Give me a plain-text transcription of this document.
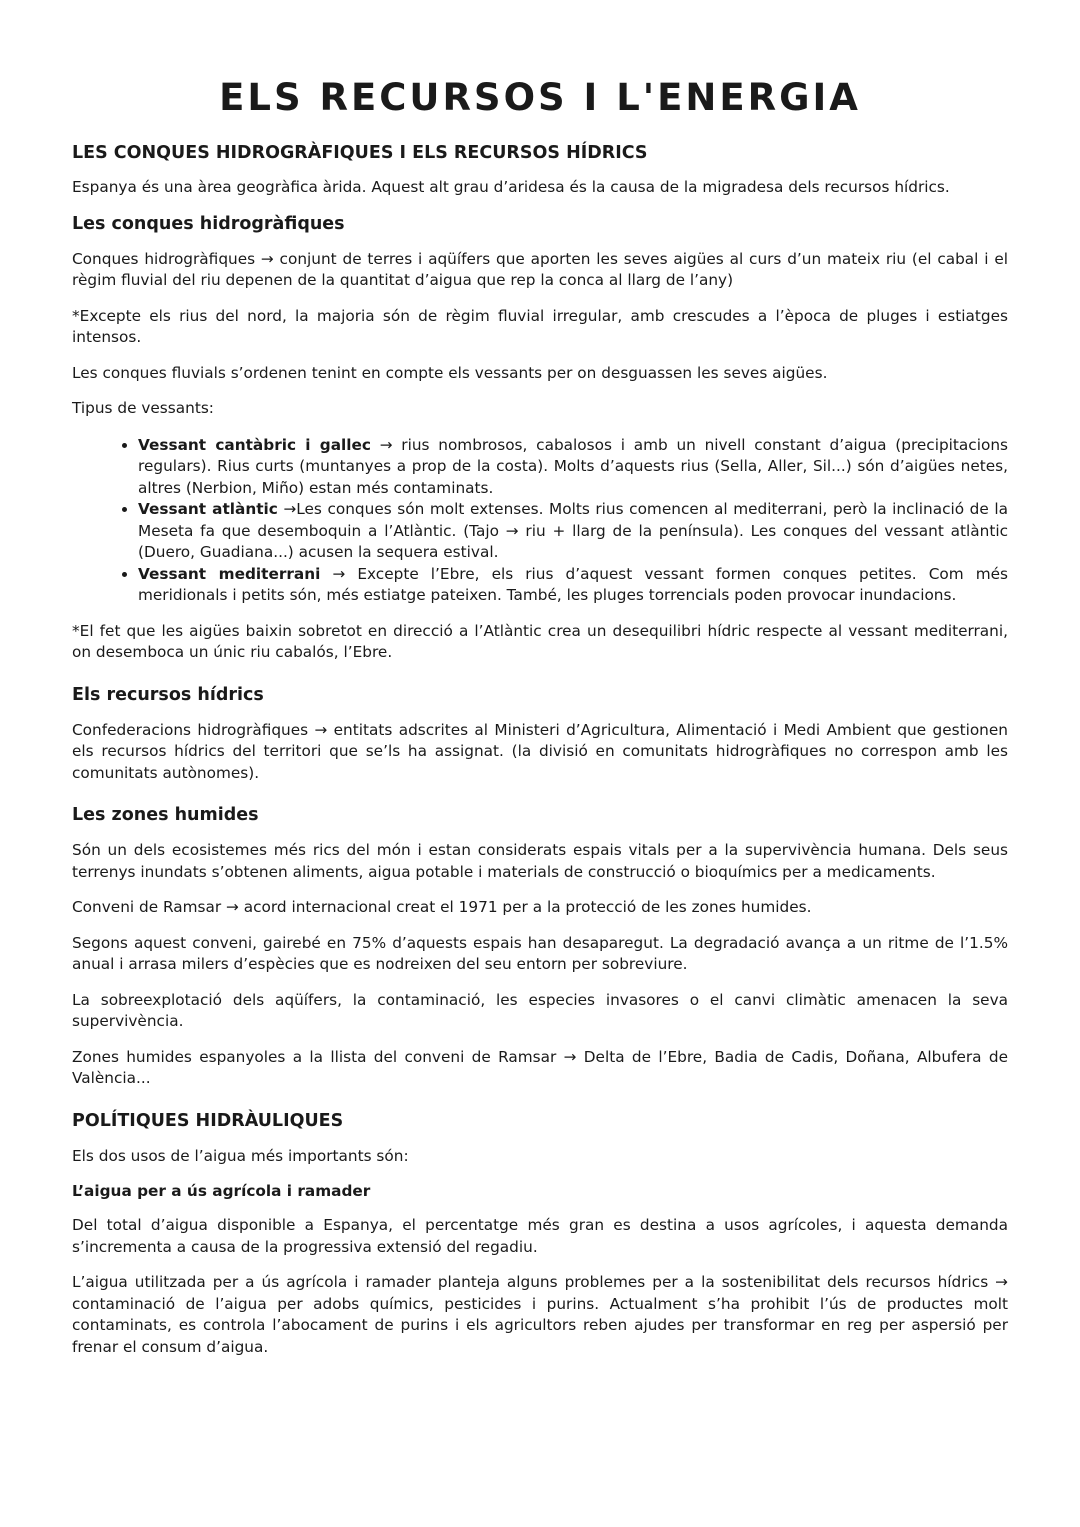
ELS RECURSOS I L'ENERGIA
LES CONQUES HIDROGRÀFIQUES I ELS RECURSOS HÍDRICS

Espanya és una àrea geogràfica àrida. Aquest alt grau d’aridesa és la causa de la migradesa dels recursos hídrics.

Les conques hidrogràfiques

Conques hidrogràfiques → conjunt de terres i aqüífers que aporten les seves aigües al curs d’un mateix riu (el cabal i el règim fluvial del riu depenen de la quantitat d’aigua que rep la conca al llarg de l’any)

*Excepte els rius del nord, la majoria són de règim fluvial irregular, amb crescudes a l’època de pluges i estiatges intensos.

Les conques fluvials s’ordenen tenint en compte els vessants per on desguassen les seves aigües.

Tipus de vessants:

• Vessant cantàbric i gallec → rius nombrosos, cabalosos i amb un nivell constant d’aigua (precipitacions regulars). Rius curts (muntanyes a prop de la costa). Molts d’aquests rius (Sella, Aller, Sil...) són d’aigües netes, altres (Nerbion, Miño) estan més contaminats.
• Vessant atlàntic →Les conques són molt extenses. Molts rius comencen al mediterrani, però la inclinació de la Meseta fa que desemboquin a l’Atlàntic. (Tajo → riu + llarg de la península). Les conques del vessant atlàntic (Duero, Guadiana...) acusen la sequera estival.
• Vessant mediterrani → Excepte l’Ebre, els rius d’aquest vessant formen conques petites. Com més meridionals i petits són, més estiatge pateixen. També, les pluges torrencials poden provocar inundacions.

*El fet que les aigües baixin sobretot en direcció a l’Atlàntic crea un desequilibri hídric respecte al vessant mediterrani, on desemboca un únic riu cabalós, l’Ebre.

Els recursos hídrics

Confederacions hidrogràfiques → entitats adscrites al Ministeri d’Agricultura, Alimentació i Medi Ambient que gestionen els recursos hídrics del territori que se’ls ha assignat. (la divisió en comunitats hidrogràfiques no correspon amb les comunitats autònomes).

Les zones humides

Són un dels ecosistemes més rics del món i estan considerats espais vitals per a la supervivència humana. Dels seus terrenys inundats s’obtenen aliments, aigua potable i materials de construcció o bioquímics per a medicaments.

Conveni de Ramsar → acord internacional creat el 1971 per a la protecció de les zones humides.

Segons aquest conveni, gairebé en 75% d’aquests espais han desaparegut. La degradació avança a un ritme de l’1.5% anual i arrasa milers d’espècies que es nodreixen del seu entorn per sobreviure.

La sobreexplotació dels aqüífers, la contaminació, les especies invasores o el canvi climàtic amenacen la seva supervivència.

Zones humides espanyoles a la llista del conveni de Ramsar → Delta de l’Ebre, Badia de Cadis, Doñana, Albufera de València...

POLÍTIQUES HIDRÀULIQUES

Els dos usos de l’aigua més importants són:

L’aigua per a ús agrícola i ramader

Del total d’aigua disponible a Espanya, el percentatge més gran es destina a usos agrícoles, i aquesta demanda s’incrementa a causa de la progressiva extensió del regadiu.

L’aigua utilitzada per a ús agrícola i ramader planteja alguns problemes per a la sostenibilitat dels recursos hídrics → contaminació de l’aigua per adobs químics, pesticides i purins. Actualment s’ha prohibit l’ús de productes molt contaminats, es controla l’abocament de purins i els agricultors reben ajudes per transformar en reg per aspersió per frenar el consum d’aigua.
